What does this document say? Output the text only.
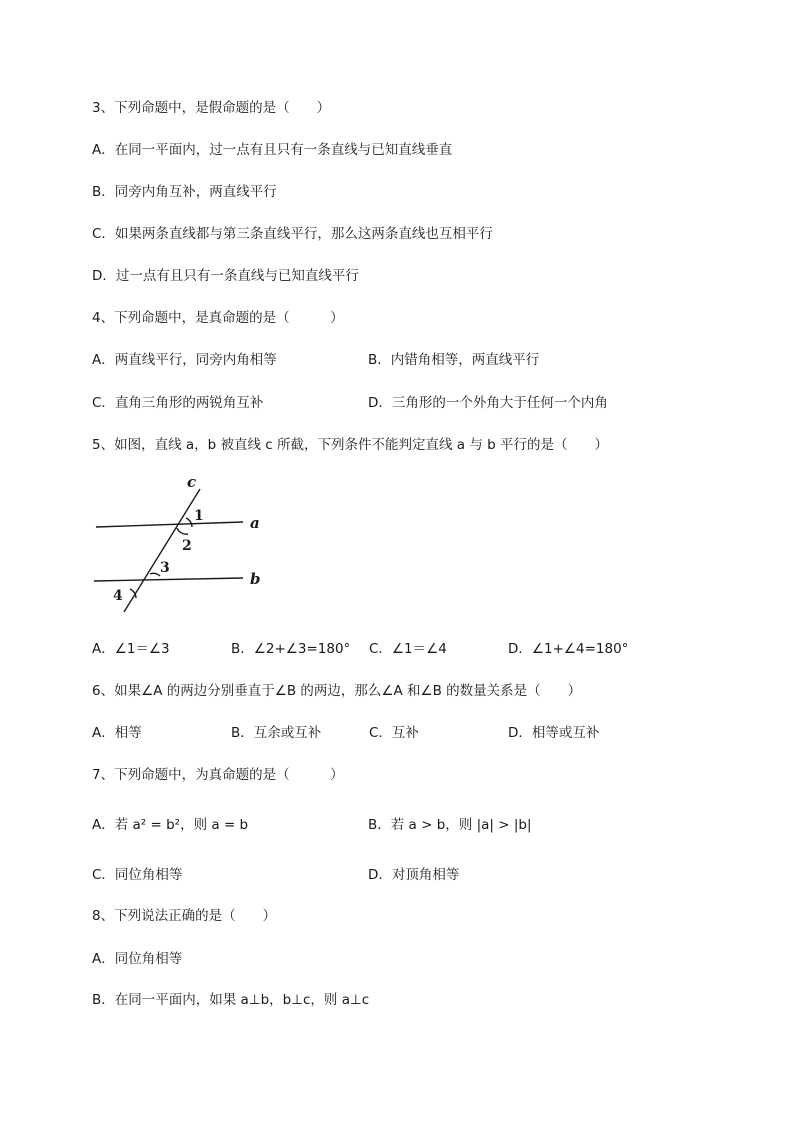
3、下列命题中，是假命题的是（　　）
A．在同一平面内，过一点有且只有一条直线与已知直线垂直
B．同旁内角互补，两直线平行
C．如果两条直线都与第三条直线平行，那么这两条直线也互相平行
D．过一点有且只有一条直线与已知直线平行
4、下列命题中，是真命题的是（　　　）
A．两直线平行，同旁内角相等	B．内错角相等，两直线平行
C．直角三角形的两锐角互补	D．三角形的一个外角大于任何一个内角
5、如图，直线 a，b 被直线 c 所截，下列条件不能判定直线 a 与 b 平行的是（　　）
c
a
b
1
2
3
4
A．∠1＝∠3	B．∠2+∠3=180° C．∠1＝∠4	D．∠1+∠4=180°
6、如果∠A 的两边分别垂直于∠B 的两边，那么∠A 和∠B 的数量关系是（　　）
A．相等	B．互余或互补	C．互补	D．相等或互补
7、下列命题中，为真命题的是（　　　）
A．若 a² = b²，则 a = b	B．若 a > b，则 |a| > |b|
C．同位角相等	D．对顶角相等
8、下列说法正确的是（　　）
A．同位角相等
B．在同一平面内，如果 a⊥b，b⊥c，则 a⊥c
